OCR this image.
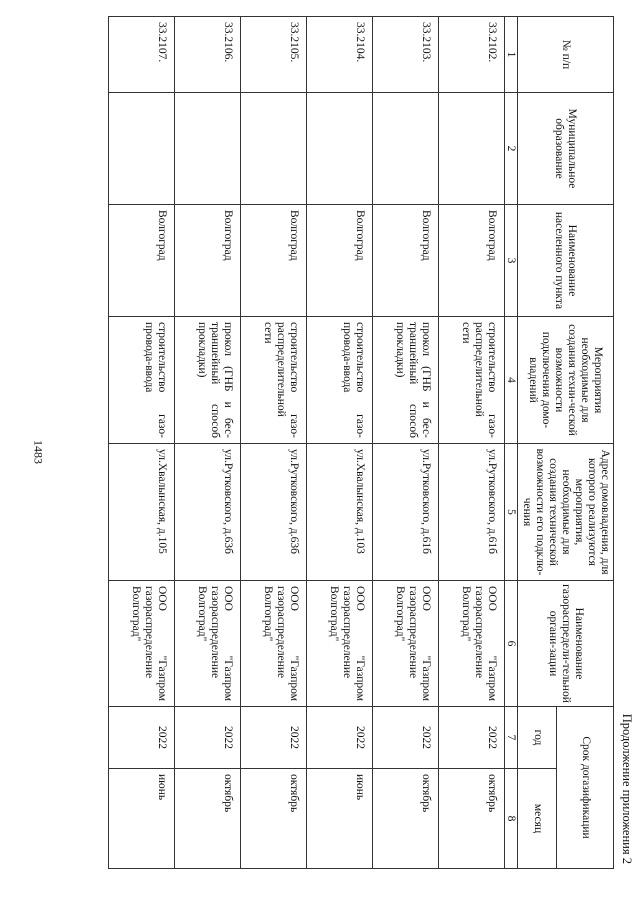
1483
Продолжение приложения 2
№ п/п	Муниципальное образование	Наименование населенного пункта	Мероприятия необходимые для создания техни-ческой возможности подключения домо-владений	Адрес домовладения, для которого реализуются мероприятия, необходимые для создания технической возможности его подклю-чения	Наименование газораспредели-тельной органи-зации	Срок догазификации	
						год	месяц
1	2	3	4	5	6	7	8
33.2102.		Волгоград	строительство газо-распределительной сети	ул.Рутковского, д.61б	ООО "Газпром газораспределение Волгоград"	2022	октябрь
33.2103.		Волгоград	прокол (ГНБ и бес-траншейный способ прокладки)	ул.Рутковского, д.61б	ООО "Газпром газораспределение Волгоград"	2022	октябрь
33.2104.		Волгоград	строительство газо-провода-ввода	ул.Хвалынская, д.103	ООО "Газпром газораспределение Волгоград"	2022	июнь
33.2105.		Волгоград	строительство газо-распределительной сети	ул.Рутковского, д.63б	ООО "Газпром газораспределение Волгоград"	2022	октябрь
33.2106.		Волгоград	прокол (ГНБ и бес-траншейный способ прокладки)	ул.Рутковского, д.63б	ООО "Газпром газораспределение Волгоград"	2022	октябрь
33.2107.		Волгоград	строительство газо-провода-ввода	ул.Хвалынская, д.105	ООО "Газпром газораспределение Волгоград"	2022	июнь
